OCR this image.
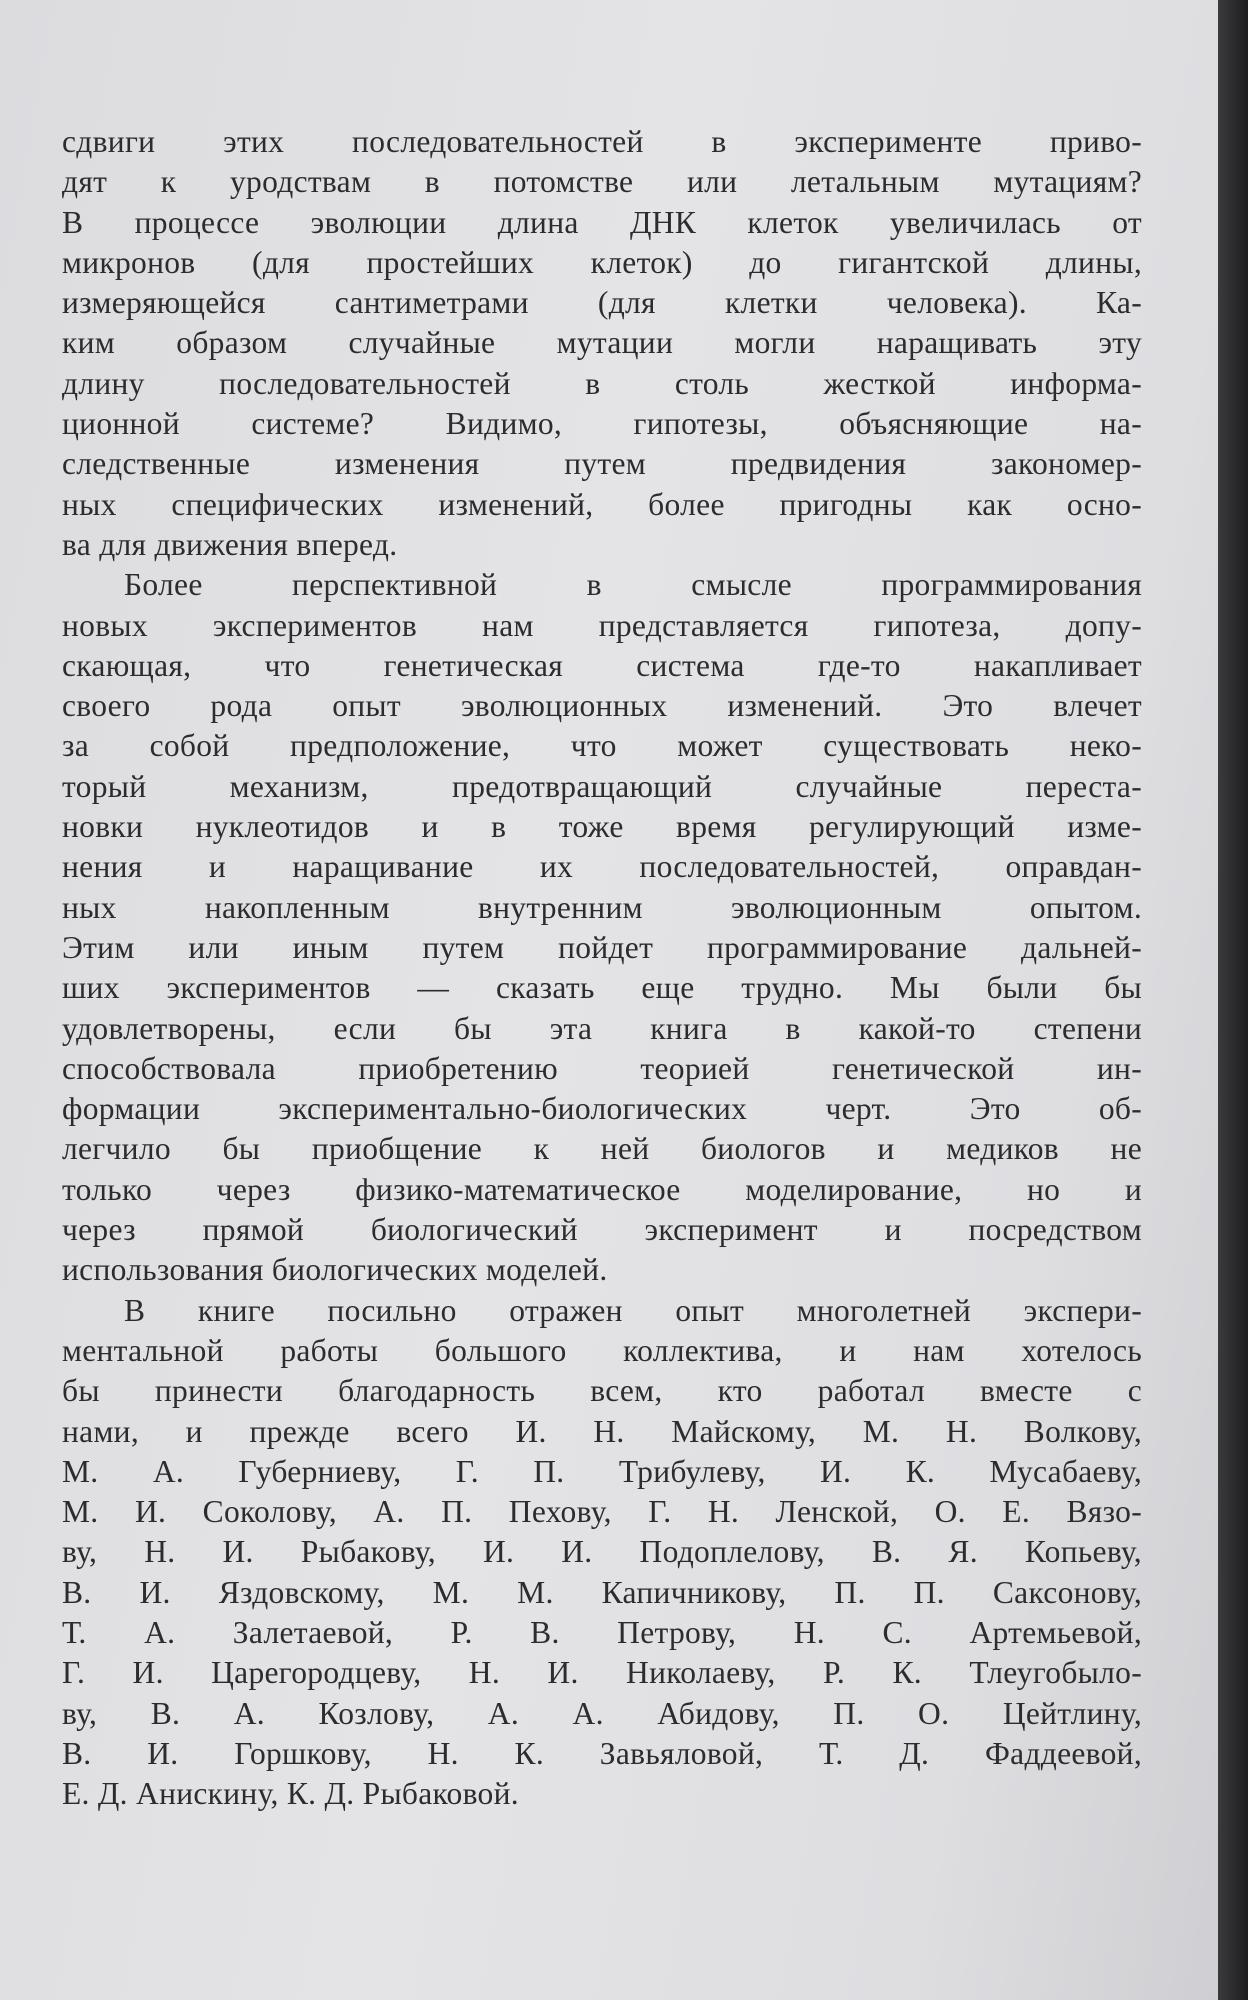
сдвиги этих последовательностей в эксперименте приво-
дят к уродствам в потомстве или летальным мутациям?
В процессе эволюции длина ДНК клеток увеличилась от
микронов (для простейших клеток) до гигантской длины,
измеряющейся сантиметрами (для клетки человека). Ка-
ким образом случайные мутации могли наращивать эту
длину последовательностей в столь жесткой информа-
ционной системе? Видимо, гипотезы, объясняющие на-
следственные изменения путем предвидения закономер-
ных специфических изменений, более пригодны как осно-
ва для движения вперед.
Более перспективной в смысле программирования
новых экспериментов нам представляется гипотеза, допу-
скающая, что генетическая система где-то накапливает
своего рода опыт эволюционных изменений. Это влечет
за собой предположение, что может существовать неко-
торый механизм, предотвращающий случайные переста-
новки нуклеотидов и в тоже время регулирующий изме-
нения и наращивание их последовательностей, оправдан-
ных накопленным внутренним эволюционным опытом.
Этим или иным путем пойдет программирование дальней-
ших экспериментов — сказать еще трудно. Мы были бы
удовлетворены, если бы эта книга в какой-то степени
способствовала приобретению теорией генетической ин-
формации экспериментально-биологических черт. Это об-
легчило бы приобщение к ней биологов и медиков не
только через физико-математическое моделирование, но и
через прямой биологический эксперимент и посредством
использования биологических моделей.
В книге посильно отражен опыт многолетней экспери-
ментальной работы большого коллектива, и нам хотелось
бы принести благодарность всем, кто работал вместе с
нами, и прежде всего И. Н. Майскому, М. Н. Волкову,
М. А. Губерниеву, Г. П. Трибулеву, И. К. Мусабаеву,
М. И. Соколову, А. П. Пехову, Г. Н. Ленской, О. Е. Вязо-
ву, Н. И. Рыбакову, И. И. Подоплелову, В. Я. Копьеву,
В. И. Яздовскому, М. М. Капичникову, П. П. Саксонову,
Т. А. Залетаевой, Р. В. Петрову, Н. С. Артемьевой,
Г. И. Царегородцеву, Н. И. Николаеву, Р. К. Тлеугобыло-
ву, В. А. Козлову, А. А. Абидову, П. О. Цейтлину,
В. И. Горшкову, Н. К. Завьяловой, Т. Д. Фаддеевой,
Е. Д. Анискину, К. Д. Рыбаковой.
